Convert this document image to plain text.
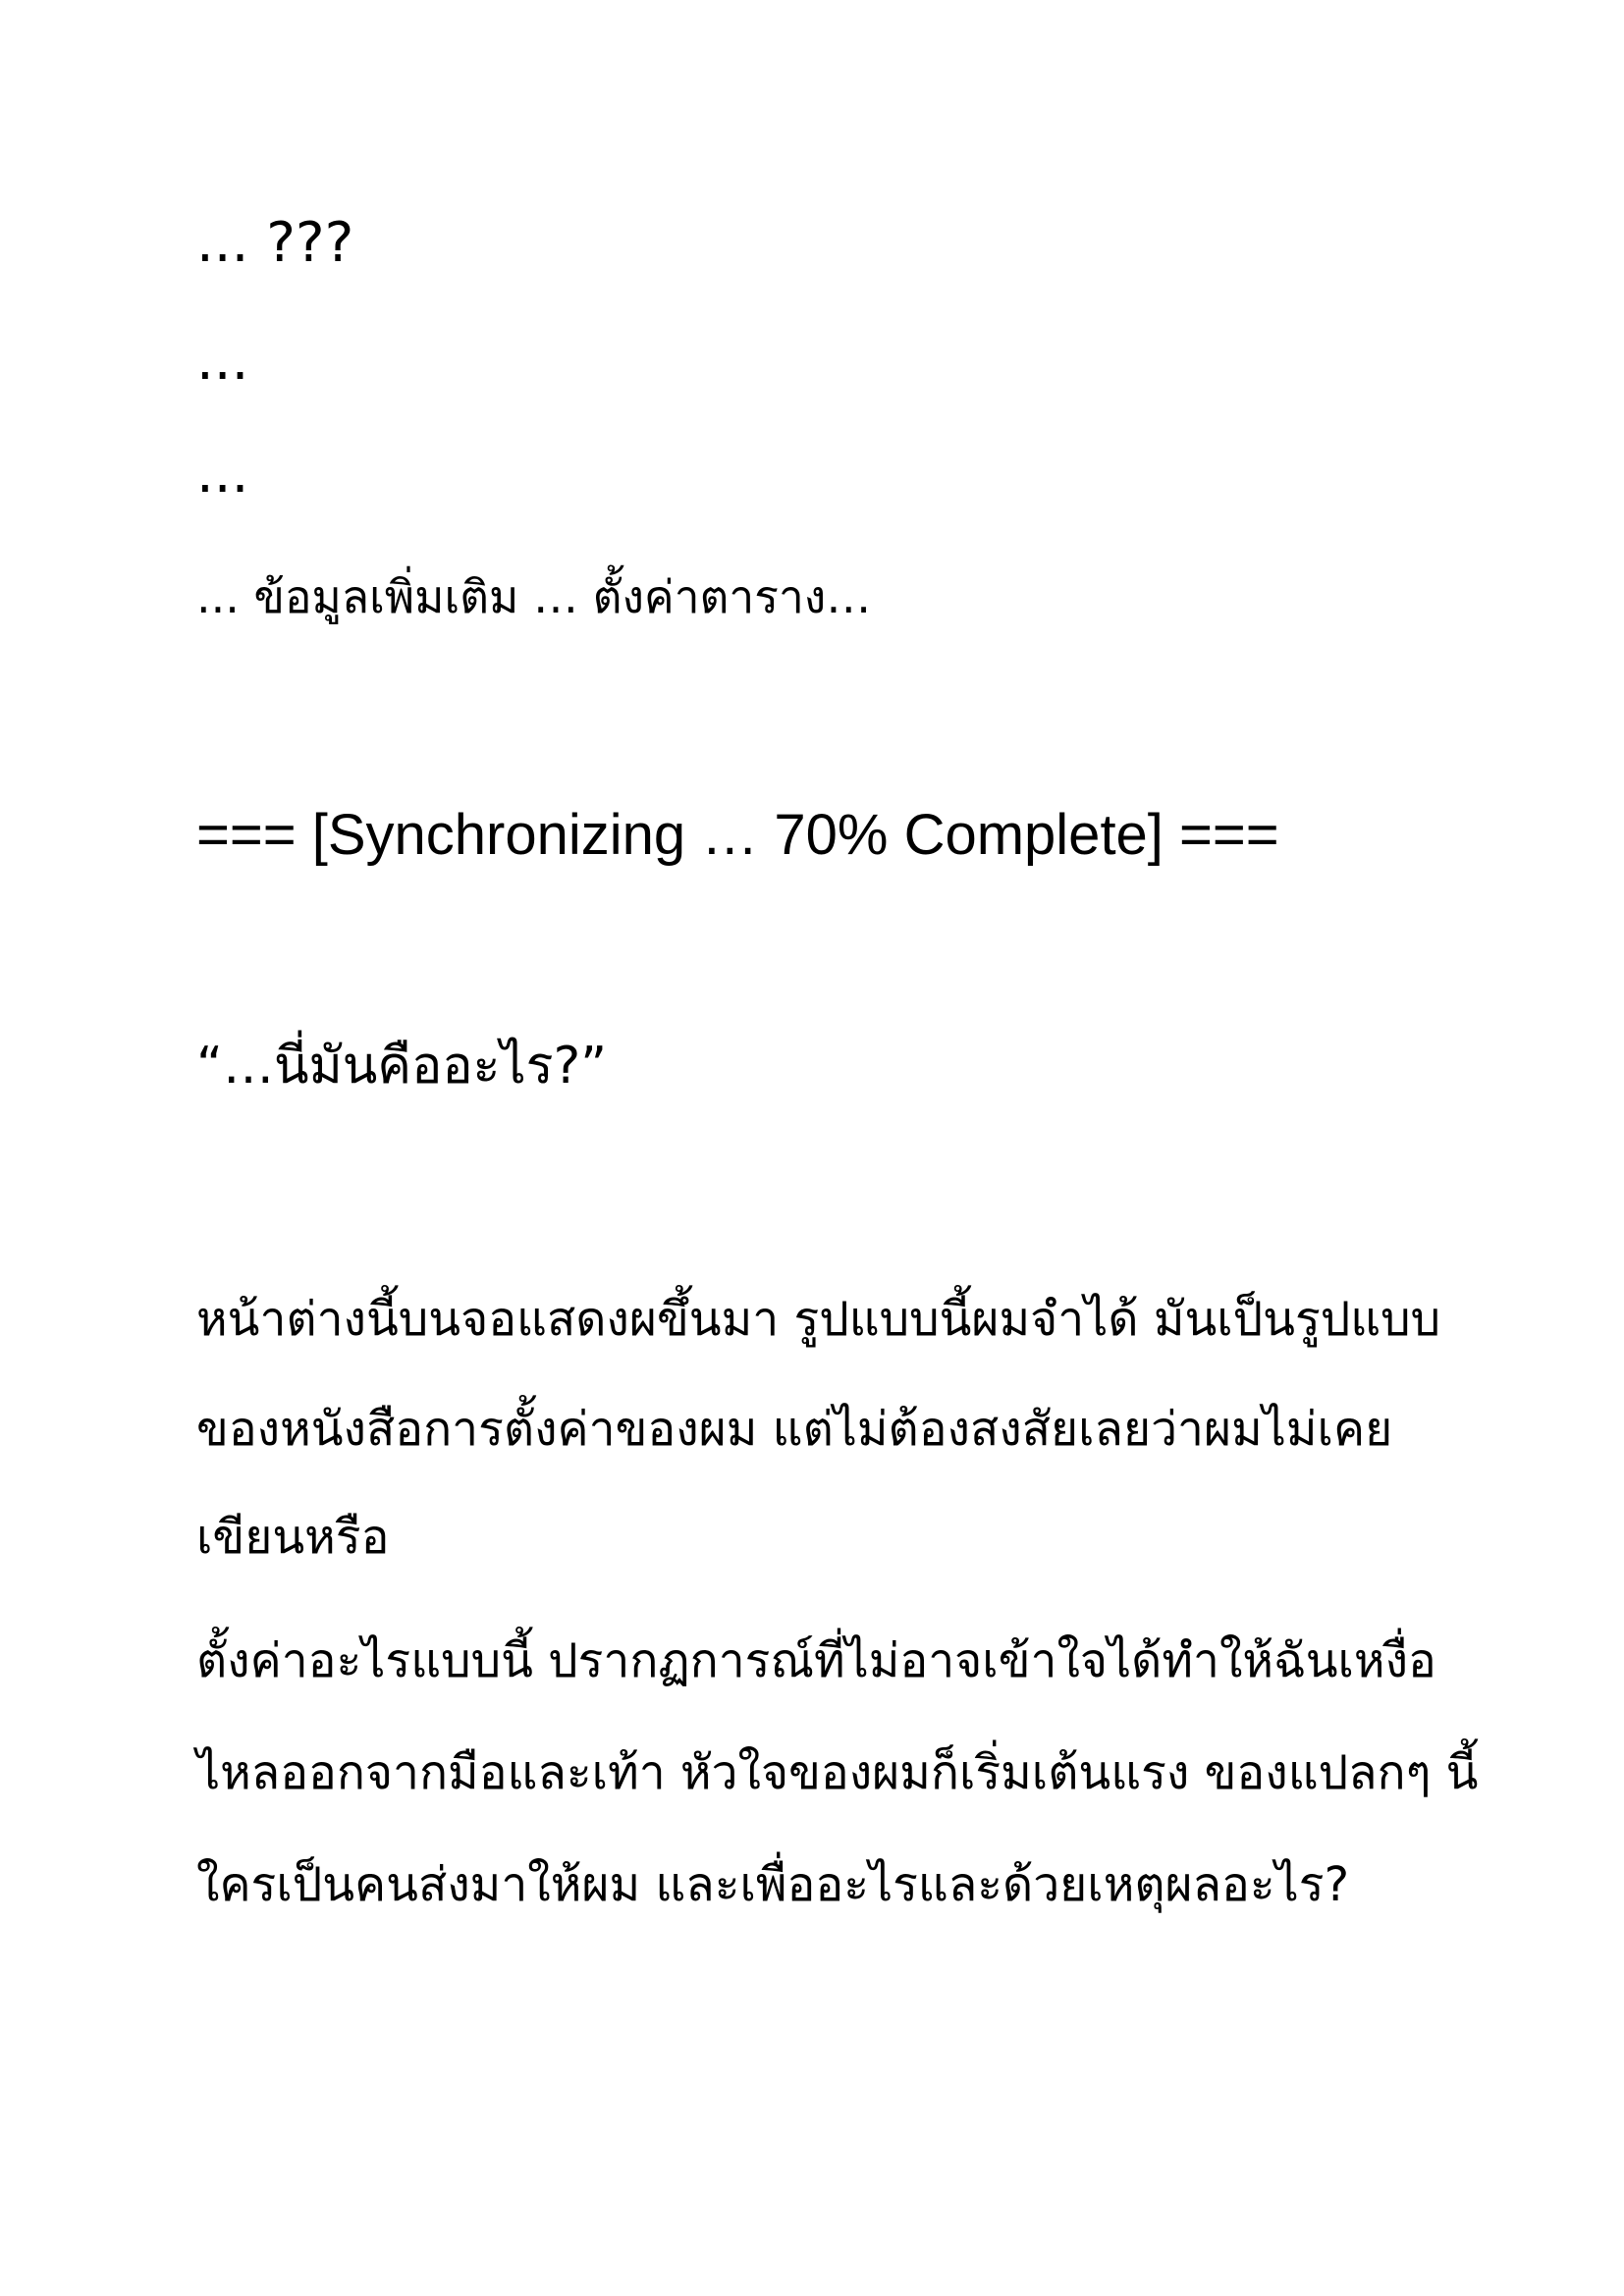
... ???
...
...
... ข้อมูลเพิ่มเติม … ตั้งค่าตาราง…
=== [Synchronizing … 70% Complete] ===
“…นี่มันคืออะไร?”
หน้าต่างนี้บนจอแสดงผขึ้นมา รูปแบบนี้ผมจำได้ มันเป็นรูปแบบ
ของหนังสือการตั้งค่าของผม แต่ไม่ต้องสงสัยเลยว่าผมไม่เคย
เขียนหรือ
ตั้งค่าอะไรแบบนี้ ปรากฏการณ์ที่ไม่อาจเข้าใจได้ทำให้ฉันเหงื่อ
ไหลออกจากมือและเท้า หัวใจของผมก็เริ่มเต้นแรง ของแปลกๆ นี้
ใครเป็นคนส่งมาให้ผม และเพื่ออะไรและด้วยเหตุผลอะไร?
